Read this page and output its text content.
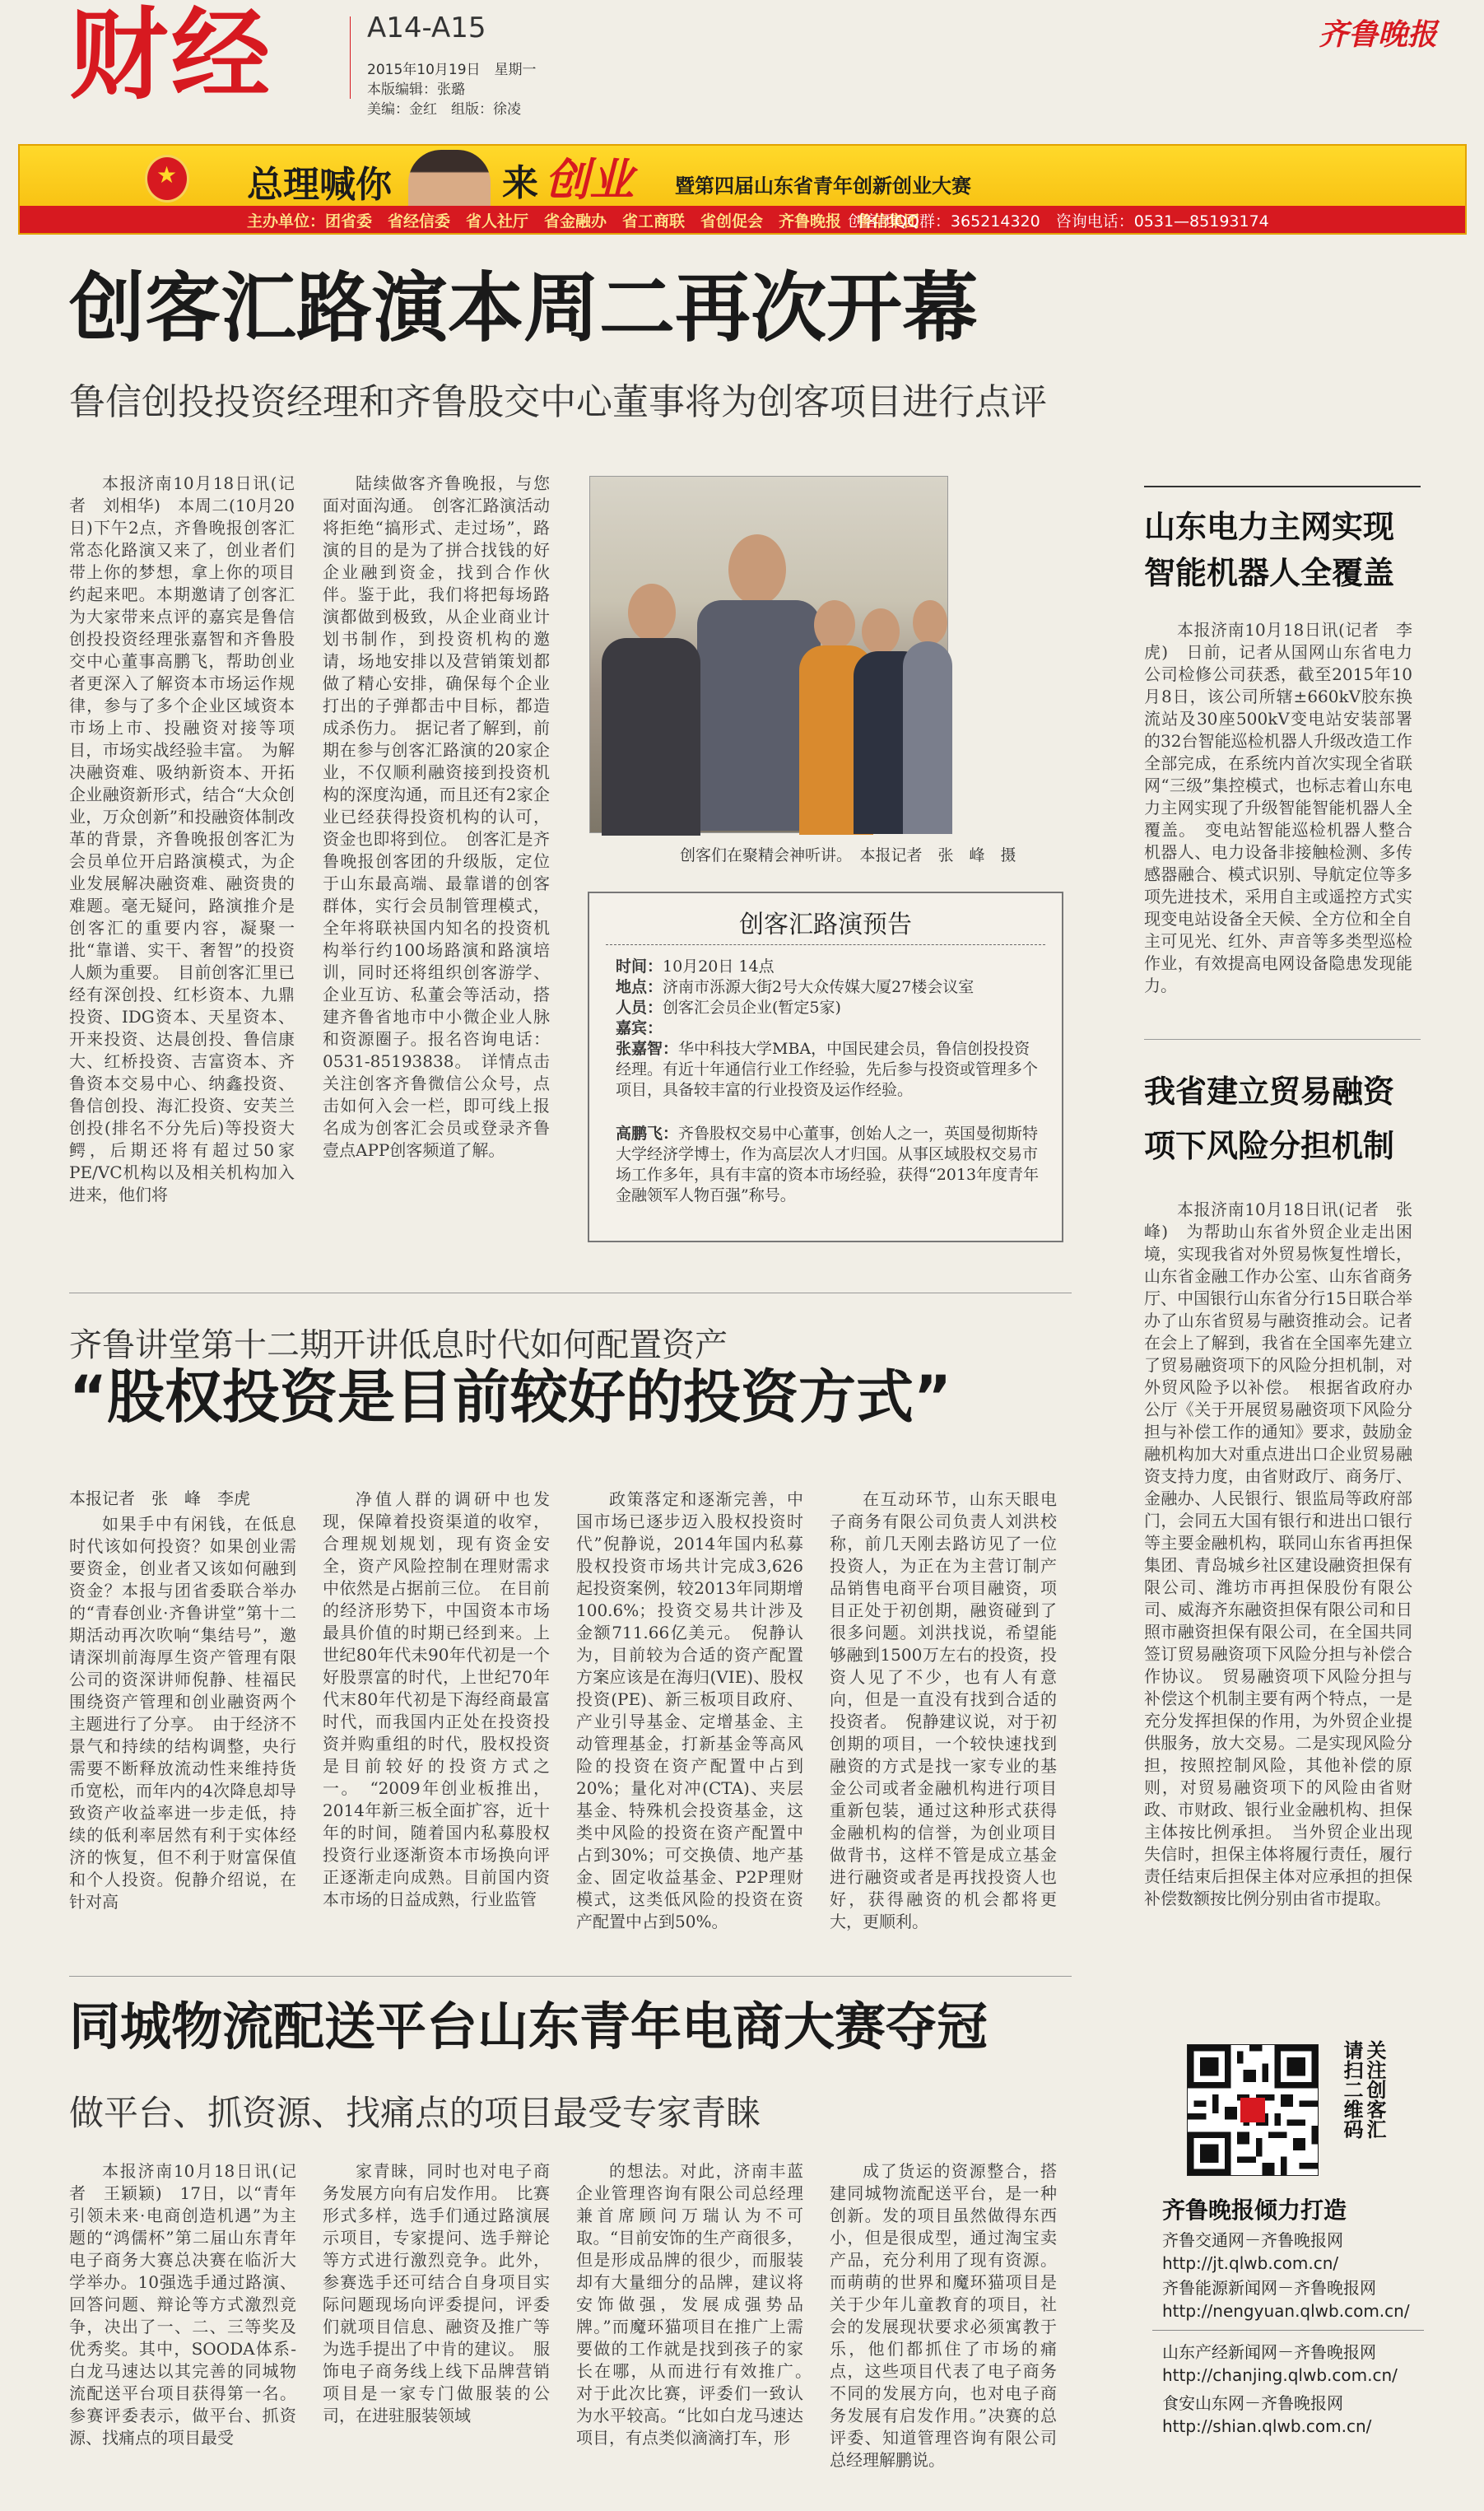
财经	A14-A15
2015年10月19日　星期一
本版编辑：张璐
美编：金红　组版：徐凌
齐鲁晚报
★ 总理喊你	来 创业 暨第四届山东省青年创新创业大赛
主办单位：团省委　省经信委　省人社厅　省金融办　省工商联　省创促会　齐鲁晚报　鲁信集团
创客团QQ群：365214320　咨询电话：0531—85193174
创客汇路演本周二再次开幕
鲁信创投投资经理和齐鲁股交中心董事将为创客项目进行点评
本报济南10月18日讯(记者　刘相华)　本周二(10月20日)下午2点，齐鲁晚报创客汇常态化路演又来了，创业者们带上你的梦想，拿上你的项目约起来吧。本期邀请了创客汇为大家带来点评的嘉宾是鲁信创投投资经理张嘉智和齐鲁股交中心董事高鹏飞，帮助创业者更深入了解资本市场运作规律，参与了多个企业区域资本市场上市、投融资对接等项目，市场实战经验丰富。　为解决融资难、吸纳新资本、开拓企业融资新形式，结合“大众创业，万众创新”和投融资体制改革的背景，齐鲁晚报创客汇为会员单位开启路演模式，为企业发展解决融资难、融资贵的难题。毫无疑问，路演推介是创客汇的重要内容，凝聚一批“靠谱、实干、奢智”的投资人颇为重要。　目前创客汇里已经有深创投、红杉资本、九鼎投资、IDG资本、天星资本、开来投资、达晨创投、鲁信康大、红桥投资、吉富资本、齐鲁资本交易中心、纳鑫投资、鲁信创投、海汇投资、安芙兰创投(排名不分先后)等投资大鳄，后期还将有超过50家PE/VC机构以及相关机构加入进来，他们将
陆续做客齐鲁晚报，与您面对面沟通。　创客汇路演活动将拒绝“搞形式、走过场”，路演的目的是为了拼合找钱的好企业融到资金，找到合作伙伴。鉴于此，我们将把每场路演都做到极致，从企业商业计划书制作，到投资机构的邀请，场地安排以及营销策划都做了精心安排，确保每个企业打出的子弹都击中目标，都造成杀伤力。　据记者了解到，前期在参与创客汇路演的20家企业，不仅顺利融资接到投资机构的深度沟通，而且还有2家企业已经获得投资机构的认可，资金也即将到位。　创客汇是齐鲁晚报创客团的升级版，定位于山东最高端、最靠谱的创客群体，实行会员制管理模式，全年将联袂国内知名的投资机构举行约100场路演和路演培训，同时还将组织创客游学、企业互访、私董会等活动，搭建齐鲁省地市中小微企业人脉和资源圈子。报名咨询电话：0531-85193838。　详情点击关注创客齐鲁微信公众号，点击如何入会一栏，即可线上报名成为创客汇会员或登录齐鲁壹点APP创客频道了解。
创客们在聚精会神听讲。　本报记者　张　峰　摄
创客汇路演预告
时间：10月20日 14点
地点：济南市泺源大街2号大众传媒大厦27楼会议室
人员：创客汇会员企业(暂定5家)
嘉宾：
张嘉智：华中科技大学MBA，中国民建会员，鲁信创投投资经理。有近十年通信行业工作经验，先后参与投资或管理多个项目，具备较丰富的行业投资及运作经验。
高鹏飞：齐鲁股权交易中心董事，创始人之一，英国曼彻斯特大学经济学博士，作为高层次人才归国。从事区域股权交易市场工作多年，具有丰富的资本市场经验，获得“2013年度青年金融领军人物百强”称号。
山东电力主网实现
智能机器人全覆盖
本报济南10月18日讯(记者　李虎)　日前，记者从国网山东省电力公司检修公司获悉，截至2015年10月8日，该公司所辖±660kV胶东换流站及30座500kV变电站安装部署的32台智能巡检机器人升级改造工作全部完成，在系统内首次实现全省联网“三级”集控模式，也标志着山东电力主网实现了升级智能智能机器人全覆盖。　变电站智能巡检机器人整合机器人、电力设备非接触检测、多传感器融合、模式识别、导航定位等多项先进技术，采用自主或遥控方式实现变电站设备全天候、全方位和全自主可见光、红外、声音等多类型巡检作业，有效提高电网设备隐患发现能力。
我省建立贸易融资
项下风险分担机制
本报济南10月18日讯(记者　张峰)　为帮助山东省外贸企业走出困境，实现我省对外贸易恢复性增长，山东省金融工作办公室、山东省商务厅、中国银行山东省分行15日联合举办了山东省贸易与融资推动会。记者在会上了解到，我省在全国率先建立了贸易融资项下的风险分担机制，对外贸风险予以补偿。　根据省政府办公厅《关于开展贸易融资项下风险分担与补偿工作的通知》要求，鼓励金融机构加大对重点进出口企业贸易融资支持力度，由省财政厅、商务厅、金融办、人民银行、银监局等政府部门，会同五大国有银行和进出口银行等主要金融机构，联同山东省再担保集团、青岛城乡社区建设融资担保有限公司、潍坊市再担保股份有限公司、威海齐东融资担保有限公司和日照市融资担保有限公司，在全国共同签订贸易融资项下风险分担与补偿合作协议。　贸易融资项下风险分担与补偿这个机制主要有两个特点，一是充分发挥担保的作用，为外贸企业提供服务，放大交易。二是实现风险分担，按照控制风险，其他补偿的原则，对贸易融资项下的风险由省财政、市财政、银行业金融机构、担保主体按比例承担。　当外贸企业出现失信时，担保主体将履行责任，履行责任结束后担保主体对应承担的担保补偿数额按比例分别由省市提取。
齐鲁讲堂第十二期开讲低息时代如何配置资产
“股权投资是目前较好的投资方式”
本报记者　张　峰　李虎
如果手中有闲钱，在低息时代该如何投资？如果创业需要资金，创业者又该如何融到资金？本报与团省委联合举办的“青春创业·齐鲁讲堂”第十二期活动再次吹响“集结号”，邀请深圳前海厚生资产管理有限公司的资深讲师倪静、桂福民围绕资产管理和创业融资两个主题进行了分享。　由于经济不景气和持续的结构调整，央行需要不断释放流动性来维持货币宽松，而年内的4次降息却导致资产收益率进一步走低，持续的低利率居然有利于实体经济的恢复，但不利于财富保值和个人投资。倪静介绍说，在针对高
净值人群的调研中也发现，保障着投资渠道的收窄，合理规划规划，现有资金安全，资产风险控制在理财需求中依然是占据前三位。　在目前的经济形势下，中国资本市场最具价值的时期已经到来。上世纪80年代未90年代初是一个好股票富的时代，上世纪70年代末80年代初是下海经商最富时代，而我国内正处在投资投资并购重组的时代，股权投资是目前较好的投资方式之一。　“2009年创业板推出，2014年新三板全面扩容，近十年的时间，随着国内私募股权投资行业逐渐资本市场换向评正逐渐走向成熟。目前国内资本市场的日益成熟，行业监管
政策落定和逐渐完善，中国市场已逐步迈入股权投资时代”倪静说，2014年国内私募股权投资市场共计完成3,626起投资案例，较2013年同期增100.6%；投资交易共计涉及金额711.66亿美元。　倪静认为，目前较为合适的资产配置方案应该是在海归(VIE)、股权投资(PE)、新三板项目政府、产业引导基金、定增基金、主动管理基金，打新基金等高风险的投资在资产配置中占到20%；量化对冲(CTA)、夹层基金、特殊机会投资基金，这类中风险的投资在资产配置中占到30%；可交换债、地产基金、固定收益基金、P2P理财模式，这类低风险的投资在资产配置中占到50%。
在互动环节，山东天眼电子商务有限公司负责人刘洪校称，前几天刚去路访见了一位投资人，为正在为主营订制产品销售电商平台项目融资，项目正处于初创期，融资碰到了很多问题。刘洪找说，希望能够融到1500万左右的投资，投资人见了不少，也有人有意向，但是一直没有找到合适的投资者。　倪静建议说，对于初创期的项目，一个较快速找到融资的方式是找一家专业的基金公司或者金融机构进行项目重新包装，通过这种形式获得金融机构的信誉，为创业项目做背书，这样不管是成立基金进行融资或者是再找投资人也好，获得融资的机会都将更大，更顺利。
同城物流配送平台山东青年电商大赛夺冠
做平台、抓资源、找痛点的项目最受专家青睐
本报济南10月18日讯(记者　王颖颖)　17日，以“青年引领未来·电商创造机遇”为主题的“鸿儒杯”第二届山东青年电子商务大赛总决赛在临沂大学举办。10强选手通过路演、回答问题、辩论等方式激烈竞争，决出了一、二、三等奖及优秀奖。其中，SOODA体系-白龙马速达以其完善的同城物流配送平台项目获得第一名。参赛评委表示，做平台、抓资源、找痛点的项目最受
家青睐，同时也对电子商务发展方向有启发作用。　比赛形式多样，选手们通过路演展示项目，专家提问、选手辩论等方式进行激烈竞争。此外，参赛选手还可结合自身项目实际问题现场向评委提问，评委们就项目信息、融资及推广等为选手提出了中肯的建议。　服饰电子商务线上线下品牌营销项目是一家专门做服装的公司，在进驻服装领域
的想法。对此，济南丰蓝企业管理咨询有限公司总经理兼首席顾问万瑞认为不可取。“目前安饰的生产商很多，但是形成品牌的很少，而服装却有大量细分的品牌，建议将安饰做强，发展成强势品牌。”而魔环猫项目在推广上需要做的工作就是找到孩子的家长在哪，从而进行有效推广。　对于此次比赛，评委们一致认为水平较高。“比如白龙马速达项目，有点类似滴滴打车，形
成了货运的资源整合，搭建同城物流配送平台，是一种创新。发的项目虽然做得东西小，但是很成型，通过淘宝卖产品，充分利用了现有资源。而萌萌的世界和魔环猫项目是关于少年儿童教育的项目，社会的发展现状要求必须寓教于乐，他们都抓住了市场的痛点，这些项目代表了电子商务不同的发展方向，也对电子商务发展有启发作用。”决赛的总评委、知道管理咨询有限公司总经理解鹏说。
请扫二维码 关注创客汇
齐鲁晚报倾力打造
齐鲁交通网－齐鲁晚报网
http://jt.qlwb.com.cn/
齐鲁能源新闻网－齐鲁晚报网
http://nengyuan.qlwb.com.cn/
山东产经新闻网－齐鲁晚报网
http://chanjing.qlwb.com.cn/
食安山东网－齐鲁晚报网
http://shian.qlwb.com.cn/
